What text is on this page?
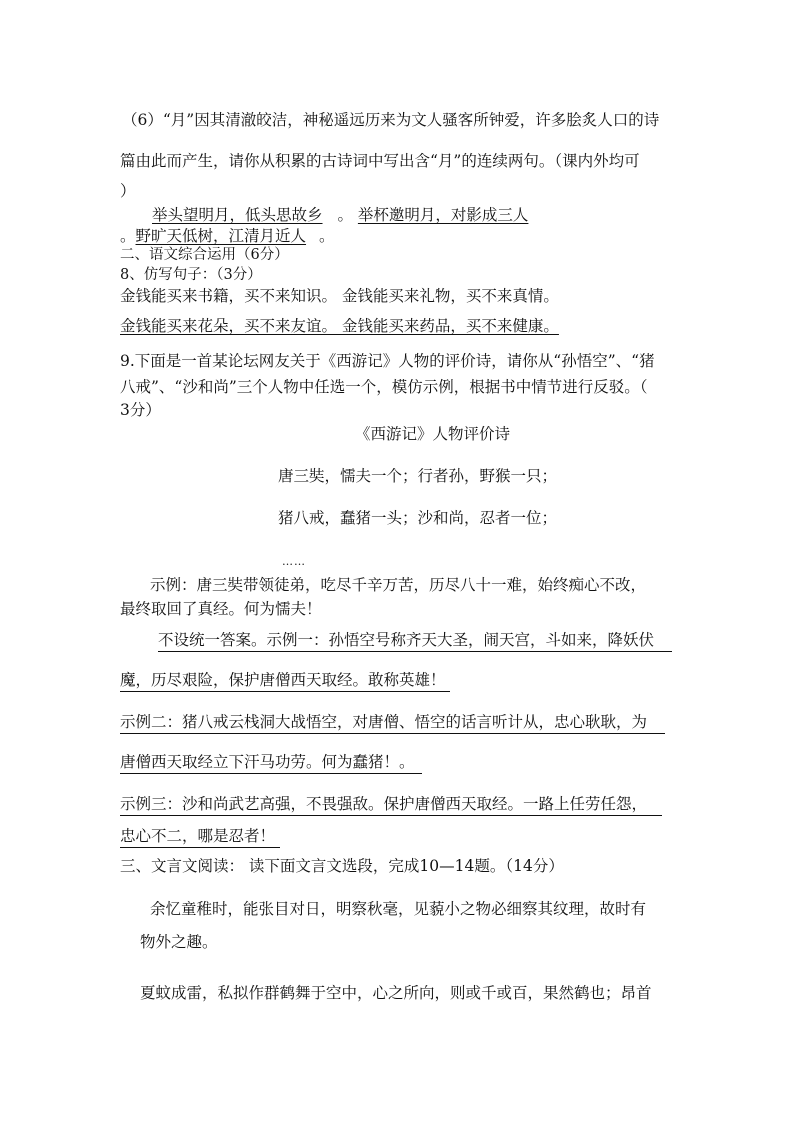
（6）“月”因其清澈皎洁，神秘遥远历来为文人骚客所钟爱，许多脍炙人口的诗
篇由此而产生，请你从积累的古诗词中写出含“月”的连续两句。（课内外均可
）
举头望明月，低头思故乡 。 举杯邀明月，对影成三人
。野旷天低树，江清月近人 。
二、语文综合运用（6分）
8、仿写句子：（3分）
金钱能买来书籍，买不来知识。 金钱能买来礼物，买不来真情。
金钱能买来花朵，买不来友谊。 金钱能买来药品，买不来健康。
9.下面是一首某论坛网友关于《西游记》人物的评价诗，请你从“孙悟空”、“猪
八戒”、“沙和尚”三个人物中任选一个，模仿示例，根据书中情节进行反驳。（
3分）
《西游记》人物评价诗
唐三奘，懦夫一个；行者孙，野猴一只；
猪八戒，蠢猪一头；沙和尚，忍者一位；
……
示例：唐三奘带领徒弟，吃尽千辛万苦，历尽八十一难，始终痴心不改，
最终取回了真经。何为懦夫！
不设统一答案。示例一：孙悟空号称齐天大圣，闹天宫，斗如来，降妖伏
魔，历尽艰险，保护唐僧西天取经。敢称英雄！
示例二：猪八戒云栈洞大战悟空，对唐僧、悟空的话言听计从，忠心耿耿，为
唐僧西天取经立下汗马功劳。何为蠢猪！。
示例三：沙和尚武艺高强，不畏强敌。保护唐僧西天取经。一路上任劳任怨，
忠心不二，哪是忍者！
三、文言文阅读： 读下面文言文选段，完成10—14题。（14分）
余忆童稚时，能张目对日，明察秋毫，见藐小之物必细察其纹理，故时有
物外之趣。
夏蚊成雷，私拟作群鹤舞于空中，心之所向，则或千或百，果然鹤也；昂首
